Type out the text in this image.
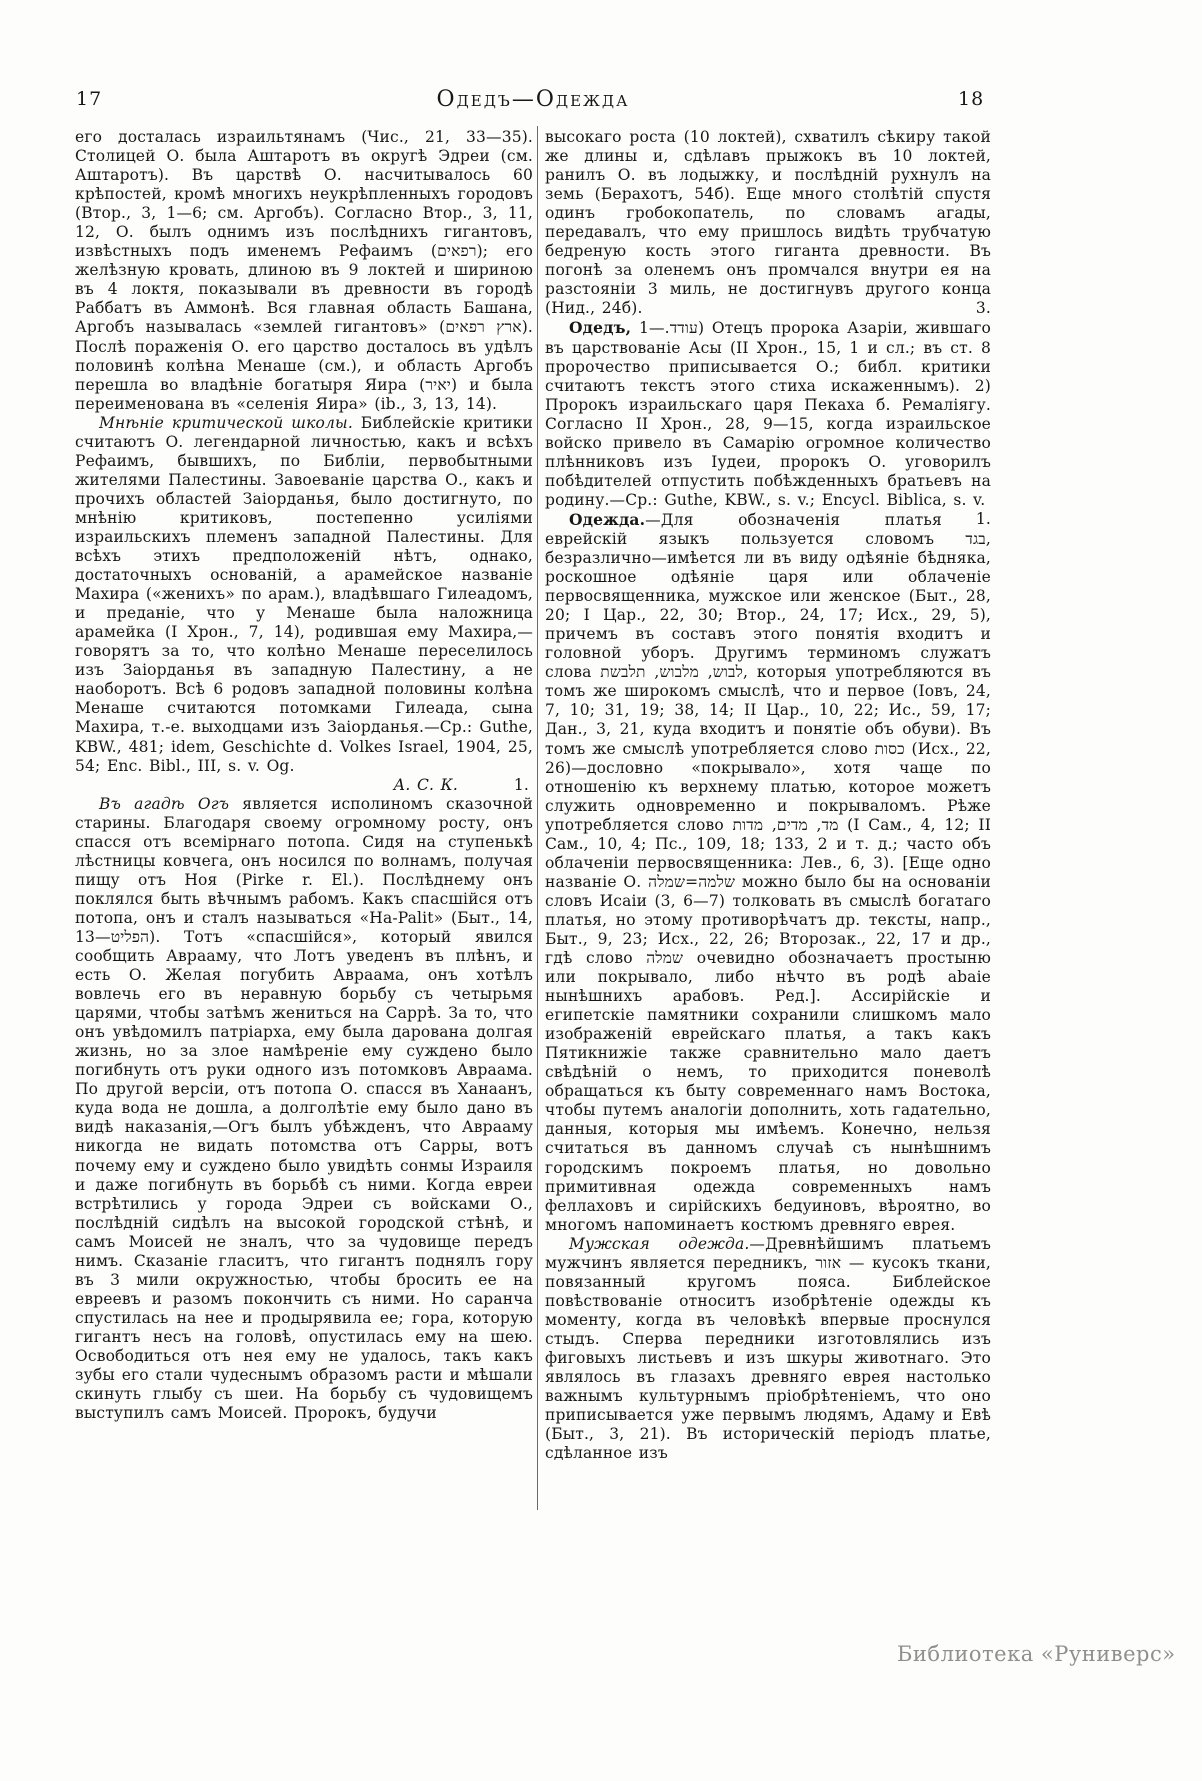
17	Одедъ—Одежда	18

его досталась израильтянамъ (Чис., 21, 33—35). Столицей О. была Аштаротъ въ округѣ Эдреи (см. Аштаротъ). Въ царствѣ О. насчитывалось 60 крѣпостей, кромѣ многихъ неукрѣпленныхъ городовъ (Втор., 3, 1—6; см. Аргобъ). Согласно Втор., 3, 11, 12, О. былъ однимъ изъ послѣднихъ гигантовъ, извѣстныхъ подъ именемъ Рефаимъ (רפאים); его желѣзную кровать, длиною въ 9 локтей и шириною въ 4 локтя, показывали въ древности въ городѣ Раббатъ въ Аммонѣ. Вся главная область Башана, Аргобъ называлась «землей гигантовъ» (ארץ רפאים). Послѣ пораженія О. его царство досталось въ удѣлъ половинѣ колѣна Менаше (см.), и область Аргобъ перешла во владѣніе богатыря Яира (יאיר) и была переименована въ «селенія Яира» (ib., 3, 13, 14).

Мнѣніе критической школы. Библейскіе критики считаютъ О. легендарной личностью, какъ и всѣхъ Рефаимъ, бывшихъ, по Библіи, первобытными жителями Палестины. Завоеваніе царства О., какъ и прочихъ областей Заіорданья, было достигнуто, по мнѣнію критиковъ, постепенно усиліями израильскихъ племенъ западной Палестины. Для всѣхъ этихъ предположеній нѣтъ, однако, достаточныхъ основаній, а арамейское названіе Махира («женихъ» по арам.), владѣвшаго Гилеадомъ, и преданіе, что у Менаше была наложница арамейка (I Хрон., 7, 14), родившая ему Махира,—говорятъ за то, что колѣно Менаше переселилось изъ Заіорданья въ западную Палестину, а не наоборотъ. Всѣ 6 родовъ западной половины колѣна Менаше считаются потомками Гилеада, сына Махира, т.-е. выходцами изъ Заіорданья.—Ср.: Guthe, KBW., 481; idem, Geschichte d. Volkes Israel, 1904, 25, 54; Enc. Bibl., III, s. v. Og.

А. С. К.	1.

Въ агадѣ Огъ является исполиномъ сказочной старины. Благодаря своему огромному росту, онъ спасся отъ всемірнаго потопа. Сидя на ступенькѣ лѣстницы ковчега, онъ носился по волнамъ, получая пищу отъ Ноя (Pirke r. El.). Послѣднему онъ поклялся быть вѣчнымъ рабомъ. Какъ спасшійся отъ потопа, онъ и сталъ называться «Ha-Palit» (Быт., 14, 13—הפליט). Тотъ «спасшійся», который явился сообщить Аврааму, что Лотъ уведенъ въ плѣнъ, и есть О. Желая погубить Авраама, онъ хотѣлъ вовлечь его въ неравную борьбу съ четырьмя царями, чтобы затѣмъ жениться на Саррѣ. За то, что онъ увѣдомилъ патріарха, ему была дарована долгая жизнь, но за злое намѣреніе ему суждено было погибнуть отъ руки одного изъ потомковъ Авраама. По другой версіи, отъ потопа О. спасся въ Ханаанъ, куда вода не дошла, а долголѣтіе ему было дано въ видѣ наказанія,—Огъ былъ убѣжденъ, что Аврааму никогда не видать потомства отъ Сарры, вотъ почему ему и суждено было увидѣть сонмы Израиля и даже погибнуть въ борьбѣ съ ними. Когда евреи встрѣтились у города Эдреи съ войсками О., послѣдній сидѣлъ на высокой городской стѣнѣ, и самъ Моисей не зналъ, что за чудовище передъ нимъ. Сказаніе гласитъ, что гигантъ поднялъ гору въ 3 мили окружностью, чтобы бросить ее на евреевъ и разомъ покончить съ ними. Но саранча спустилась на нее и продырявила ее; гора, которую гигантъ несъ на головѣ, опустилась ему на шею. Освободиться отъ нея ему не удалось, такъ какъ зубы его стали чудеснымъ образомъ расти и мѣшали скинуть глыбу съ шеи. На борьбу съ чудовищемъ выступилъ самъ Моисей. Пророкъ, будучи

высокаго роста (10 локтей), схватилъ сѣкиру такой же длины и, сдѣлавъ прыжокъ въ 10 локтей, ранилъ О. въ лодыжку, и послѣдній рухнулъ на земь (Берахотъ, 54б). Еще много столѣтій спустя одинъ гробокопатель, по словамъ агады, передавалъ, что ему пришлось видѣть трубчатую бедреную кость этого гиганта древности. Въ погонѣ за оленемъ онъ промчался внутри ея на разстояніи 3 миль, не достигнувъ другого конца (Нид., 24б).	3.

Одедъ, עודד.—1) Отецъ пророка Азаріи, жившаго въ царствованіе Асы (II Хрон., 15, 1 и сл.; въ ст. 8 пророчество приписывается О.; библ. критики считаютъ текстъ этого стиха искаженнымъ). 2) Пророкъ израильскаго царя Пекаха б. Ремаліягу. Согласно II Хрон., 28, 9—15, когда израильское войско привело въ Самарію огромное количество плѣнниковъ изъ Іудеи, пророкъ О. уговорилъ побѣдителей отпустить побѣжденныхъ братьевъ на родину.—Ср.: Guthe, KBW., s. v.; Encycl. Biblica, s. v.
1.

Одежда.—Для обозначенія платья еврейскій языкъ пользуется словомъ בגד, безразлично—имѣется ли въ виду одѣяніе бѣдняка, роскошное одѣяніе царя или облаченіе первосвященника, мужское или женское (Быт., 28, 20; I Цар., 22, 30; Втор., 24, 17; Исх., 29, 5), причемъ въ составъ этого понятія входитъ и головной уборъ. Другимъ терминомъ служатъ слова לבוש, מלבוש, תלבשת, которыя употребляются въ томъ же широкомъ смыслѣ, что и первое (Іовъ, 24, 7, 10; 31, 19; 38, 14; II Цар., 10, 22; Ис., 59, 17; Дан., 3, 21, куда входитъ и понятіе объ обуви). Въ томъ же смыслѣ употребляется слово כסות (Исх., 22, 26)—дословно «покрывало», хотя чаще по отношенію къ верхнему платью, которое можетъ служить одновременно и покрываломъ. Рѣже употребляется слово מד, מדים, מדות (I Сам., 4, 12; II Сам., 10, 4; Пс., 109, 18; 133, 2 и т. д.; часто объ облаченіи первосвященника: Лев., 6, 3). [Еще одно названіе О. שלמה=שמלה можно было бы на основаніи словъ Исаіи (3, 6—7) толковать въ смыслѣ богатаго платья, но этому противорѣчатъ др. тексты, напр., Быт., 9, 23; Исх., 22, 26; Второзак., 22, 17 и др., гдѣ слово שמלה очевидно обозначаетъ простыню или покрывало, либо нѣчто въ родѣ abaie нынѣшнихъ арабовъ. Ред.]. Ассирійскіе и египетскіе памятники сохранили слишкомъ мало изображеній еврейскаго платья, а такъ какъ Пятикнижіе также сравнительно мало даетъ свѣдѣній о немъ, то приходится поневолѣ обращаться къ быту современнаго намъ Востока, чтобы путемъ аналогіи дополнить, хоть гадательно, данныя, которыя мы имѣемъ. Конечно, нельзя считаться въ данномъ случаѣ съ нынѣшнимъ городскимъ покроемъ платья, но довольно примитивная одежда современныхъ намъ феллаховъ и сирійскихъ бедуиновъ, вѣроятно, во многомъ напоминаетъ костюмъ древняго еврея.

Мужская одежда.—Древнѣйшимъ платьемъ мужчинъ является передникъ, אזור — кусокъ ткани, повязанный кругомъ пояса. Библейское повѣствованіе относитъ изобрѣтеніе одежды къ моменту, когда въ человѣкѣ впервые проснулся стыдъ. Сперва передники изготовлялись изъ фиговыхъ листьевъ и изъ шкуры животнаго. Это являлось въ глазахъ древняго еврея настолько важнымъ культурнымъ пріобрѣтеніемъ, что оно приписывается уже первымъ людямъ, Адаму и Евѣ (Быт., 3, 21). Въ историческій періодъ платье, сдѣланное изъ

Библиотека «Руниверс»
